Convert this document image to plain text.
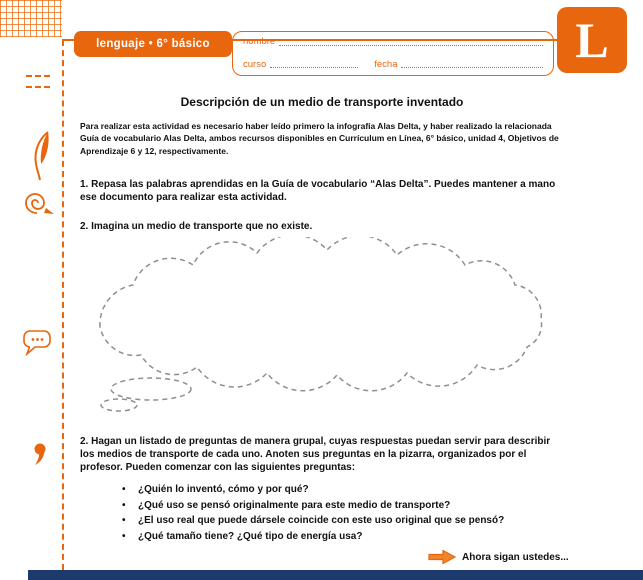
lenguaje • 6° básico	nombre
curso	fecha	L
Descripción de un medio de transporte inventado
Para realizar esta actividad es necesario haber leído primero la infografía Alas Delta, y haber realizado la relacionada Guía de vocabulario Alas Delta, ambos recursos disponibles en Currículum en Línea, 6° básico, unidad 4, Objetivos de Aprendizaje 6 y 12, respectivamente.
1. Repasa las palabras aprendidas en la Guía de vocabulario “Alas Delta”. Puedes mantener a mano ese documento para realizar esta actividad.
2. Imagina un medio de transporte que no existe.
2. Hagan un listado de preguntas de manera grupal, cuyas respuestas puedan servir para describir los medios de transporte de cada uno. Anoten sus preguntas en la pizarra, organizados por el profesor. Pueden comenzar con las siguientes preguntas:
• ¿Quién lo inventó, cómo y por qué?
• ¿Qué uso se pensó originalmente para este medio de transporte?
• ¿El uso real que puede dársele coincide con este uso original que se pensó?
• ¿Qué tamaño tiene? ¿Qué tipo de energía usa?
Ahora sigan ustedes...
